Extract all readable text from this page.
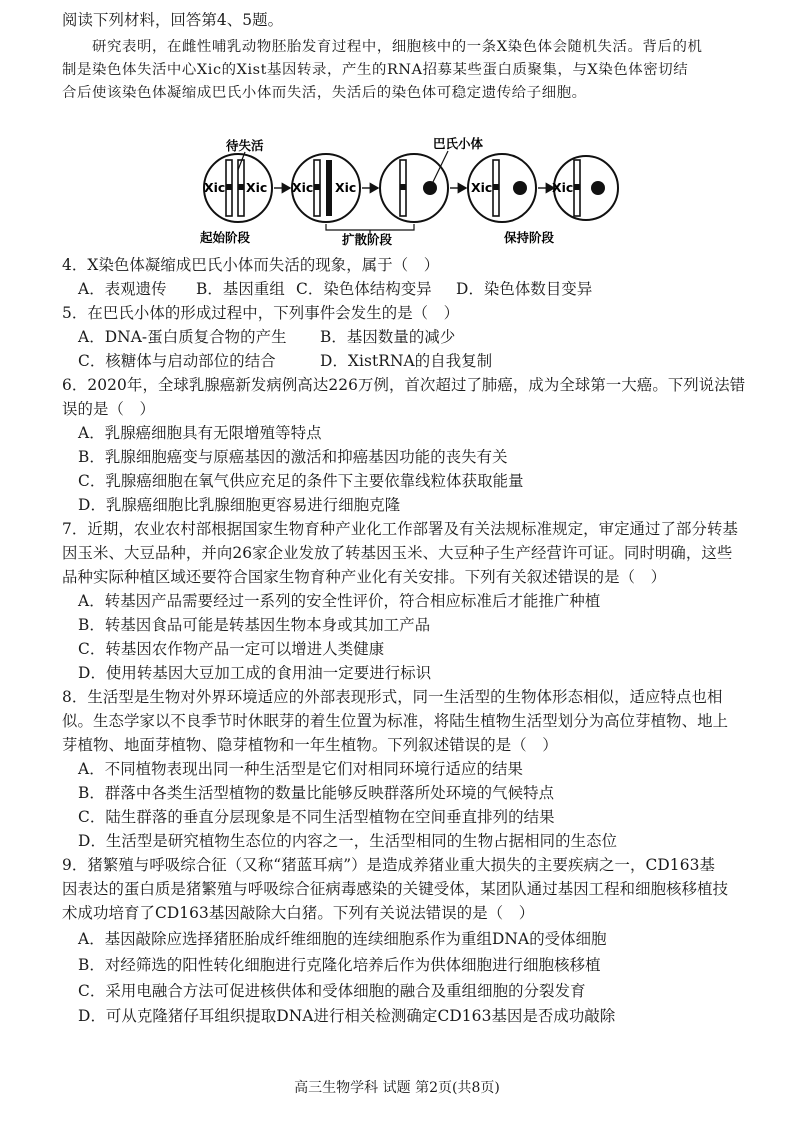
阅读下列材料，回答第4、5题。
研究表明，在雌性哺乳动物胚胎发育过程中，细胞核中的一条X染色体会随机失活。背后的机
制是染色体失活中心Xic的Xist基因转录，产生的RNA招募某些蛋白质聚集，与X染色体密切结
合后使该染色体凝缩成巴氏小体而失活，失活后的染色体可稳定遗传给子细胞。
待失活	巴氏小体
Xic Xic Xic Xic	Xic	Xic
起始阶段	扩散阶段	保持阶段
4．X染色体凝缩成巴氏小体而失活的现象，属于（　）
A．表观遗传	B．基因重组 C．染色体结构变异	D．染色体数目变异
5．在巴氏小体的形成过程中，下列事件会发生的是（　）
A．DNA-蛋白质复合物的产生	B．基因数量的减少
C．核糖体与启动部位的结合	D．XistRNA的自我复制
6．2020年，全球乳腺癌新发病例高达226万例，首次超过了肺癌，成为全球第一大癌。下列说法错
误的是（　）
A．乳腺癌细胞具有无限增殖等特点
B．乳腺细胞癌变与原癌基因的激活和抑癌基因功能的丧失有关
C．乳腺癌细胞在氧气供应充足的条件下主要依靠线粒体获取能量
D．乳腺癌细胞比乳腺细胞更容易进行细胞克隆
7．近期，农业农村部根据国家生物育种产业化工作部署及有关法规标准规定，审定通过了部分转基
因玉米、大豆品种，并向26家企业发放了转基因玉米、大豆种子生产经营许可证。同时明确，这些
品种实际种植区域还要符合国家生物育种产业化有关安排。下列有关叙述错误的是（　）
A．转基因产品需要经过一系列的安全性评价，符合相应标准后才能推广种植
B．转基因食品可能是转基因生物本身或其加工产品
C．转基因农作物产品一定可以增进人类健康
D．使用转基因大豆加工成的食用油一定要进行标识
8．生活型是生物对外界环境适应的外部表现形式，同一生活型的生物体形态相似，适应特点也相
似。生态学家以不良季节时休眠芽的着生位置为标准，将陆生植物生活型划分为高位芽植物、地上
芽植物、地面芽植物、隐芽植物和一年生植物。下列叙述错误的是（　）
A．不同植物表现出同一种生活型是它们对相同环境行适应的结果
B．群落中各类生活型植物的数量比能够反映群落所处环境的气候特点
C．陆生群落的垂直分层现象是不同生活型植物在空间垂直排列的结果
D．生活型是研究植物生态位的内容之一，生活型相同的生物占据相同的生态位
9．猪繁殖与呼吸综合征（又称“猪蓝耳病”）是造成养猪业重大损失的主要疾病之一，CD163基
因表达的蛋白质是猪繁殖与呼吸综合征病毒感染的关键受体，某团队通过基因工程和细胞核移植技
术成功培育了CD163基因敲除大白猪。下列有关说法错误的是（　）
A．基因敲除应选择猪胚胎成纤维细胞的连续细胞系作为重组DNA的受体细胞
B．对经筛选的阳性转化细胞进行克隆化培养后作为供体细胞进行细胞核移植
C．采用电融合方法可促进核供体和受体细胞的融合及重组细胞的分裂发育
D．可从克隆猪仔耳组织提取DNA进行相关检测确定CD163基因是否成功敲除
高三生物学科 试题 第2页(共8页)
